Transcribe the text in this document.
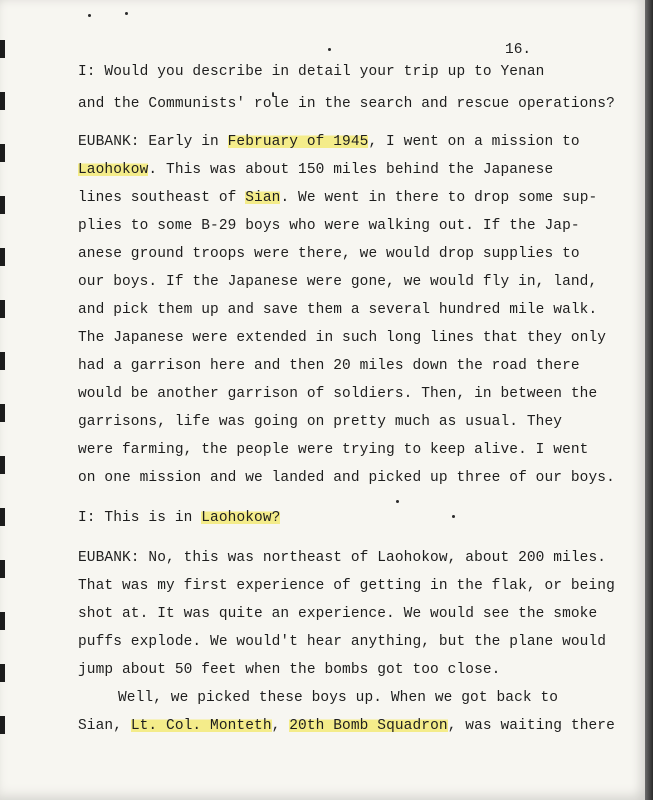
16.
I: Would you describe in detail your trip up to Yenan
and the Communists' role in the search and rescue operations?
EUBANK: Early in February of 1945, I went on a mission to
Laohokow. This was about 150 miles behind the Japanese
lines southeast of Sian. We went in there to drop some sup-
plies to some B-29 boys who were walking out. If the Jap-
anese ground troops were there, we would drop supplies to
our boys. If the Japanese were gone, we would fly in, land,
and pick them up and save them a several hundred mile walk.
The Japanese were extended in such long lines that they only
had a garrison here and then 20 miles down the road there
would be another garrison of soldiers. Then, in between the
garrisons, life was going on pretty much as usual. They
were farming, the people were trying to keep alive. I went
on one mission and we landed and picked up three of our boys.
I: This is in Laohokow?
EUBANK: No, this was northeast of Laohokow, about 200 miles.
That was my first experience of getting in the flak, or being
shot at. It was quite an experience. We would see the smoke
puffs explode. We would't hear anything, but the plane would
jump about 50 feet when the bombs got too close.
Well, we picked these boys up. When we got back to
Sian, Lt. Col. Monteth, 20th Bomb Squadron, was waiting there
